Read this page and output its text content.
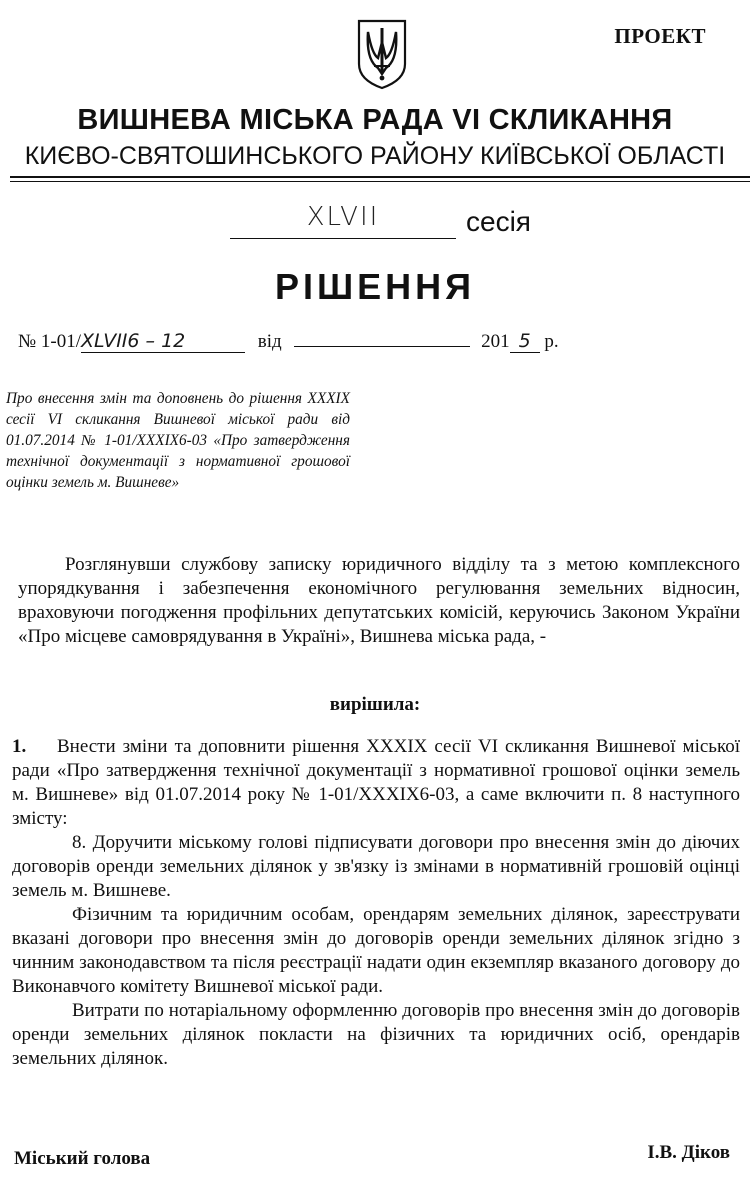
ПРОЕКТ
ВИШНЕВА МІСЬКА РАДА VI СКЛИКАННЯ
КИЄВО-СВЯТОШИНСЬКОГО РАЙОНУ КИЇВСЬКОЇ ОБЛАСТІ
XLVII	сесія
РІШЕННЯ
№ 1-01/XLVII6 – 12	від	201 5 р.
Про внесення змін та доповнень до рішення XXXIX сесії VI скликання Вишневої міської ради від 01.07.2014 № 1-01/XXXIX6-03 «Про затвердження технічної документації з нормативної грошової оцінки земель м. Вишневе»
Розглянувши службову записку юридичного відділу та з метою комплексного упорядкування і забезпечення економічного регулювання земельних відносин, враховуючи погодження профільних депутатських комісій, керуючись Законом України «Про місцеве самоврядування в Україні», Вишнева міська рада, -
вирішила:

1. Внести зміни та доповнити рішення XXXIX сесії VI скликання Вишневої міської ради «Про затвердження технічної документації з нормативної грошової оцінки земель м. Вишневе» від 01.07.2014 року № 1-01/XXXIX6-03, а саме включити п. 8 наступного змісту:

8. Доручити міському голові підписувати договори про внесення змін до діючих договорів оренди земельних ділянок у зв'язку із змінами в нормативній грошовій оцінці земель м. Вишневе.

Фізичним та юридичним особам, орендарям земельних ділянок, зареєструвати вказані договори про внесення змін до договорів оренди земельних ділянок згідно з чинним законодавством та після реєстрації надати один екземпляр вказаного договору до Виконавчого комітету Вишневої міської ради.

Витрати по нотаріальному оформленню договорів про внесення змін до договорів оренди земельних ділянок покласти на фізичних та юридичних осіб, орендарів земельних ділянок.

Міський голова	І.В. Діков
